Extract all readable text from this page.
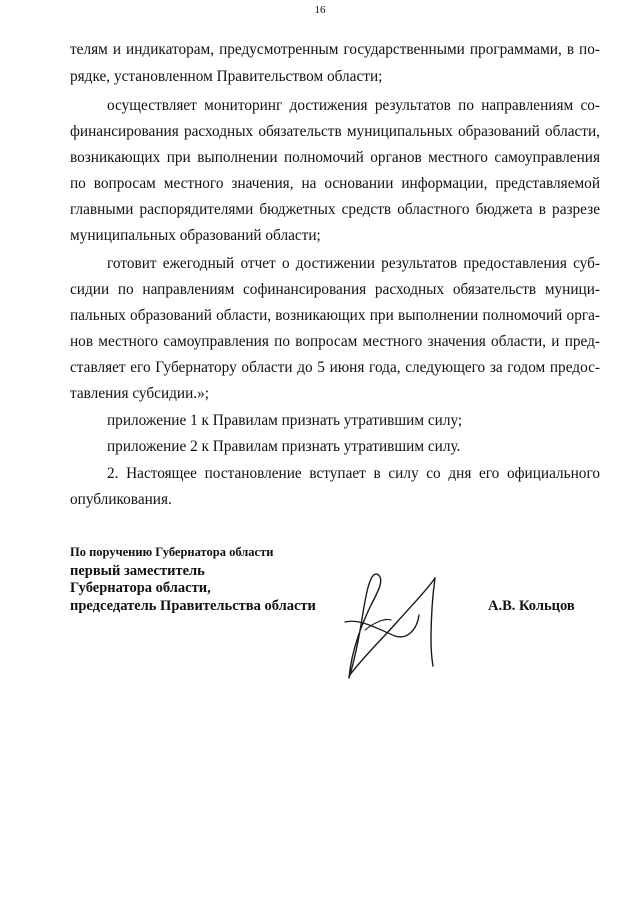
16
телям и индикаторам, предусмотренным государственными программами, в по-
рядке, установленном Правительством области;
осуществляет мониторинг достижения результатов по направлениям со-
финансирования расходных обязательств муниципальных образований области,
возникающих при выполнении полномочий органов местного самоуправления
по вопросам местного значения, на основании информации, представляемой
главными распорядителями бюджетных средств областного бюджета в разрезе
муниципальных образований области;
готовит ежегодный отчет о достижении результатов предоставления суб-
сидии по направлениям софинансирования расходных обязательств муници-
пальных образований области, возникающих при выполнении полномочий орга-
нов местного самоуправления по вопросам местного значения области, и пред-
ставляет его Губернатору области до 5 июня года, следующего за годом предос-
тавления субсидии.»;
приложение 1 к Правилам признать утратившим силу;
приложение 2 к Правилам признать утратившим силу.
2. Настоящее постановление вступает в силу со дня его официального
опубликования.
По поручению Губернатора области
первый заместитель
Губернатора области,
председатель Правительства области	А.В. Кольцов
